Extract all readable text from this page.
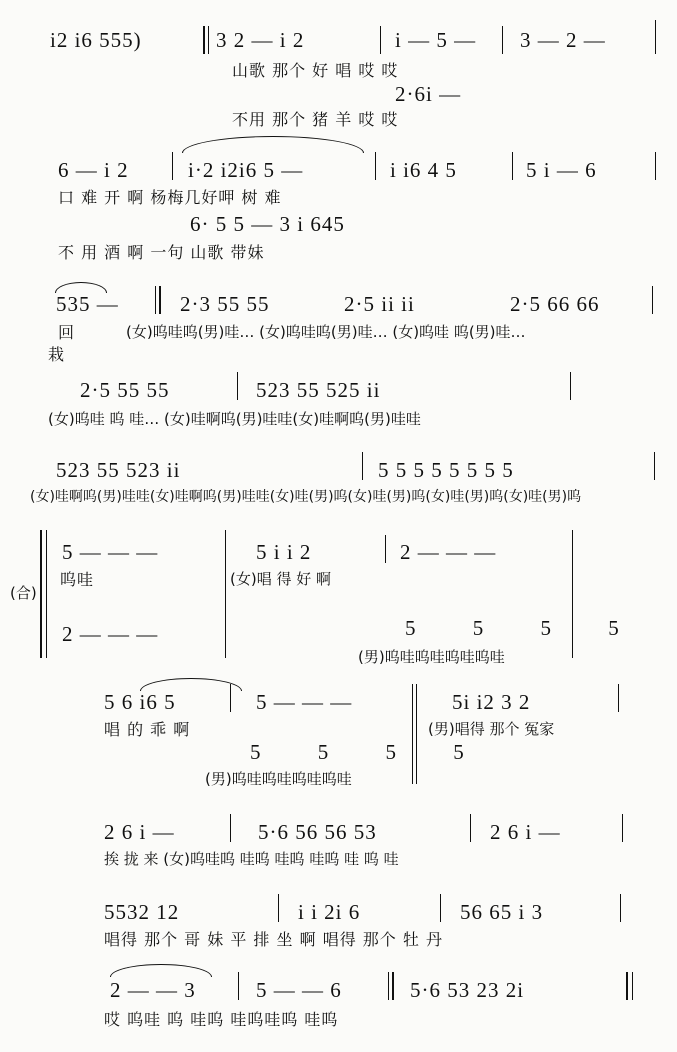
i2 i6 555)	3 2 — i 2	i — 5 — 3 — 2 —
山歌 那个 好 唱 哎 哎
2·6i —
不用 那个 猪 羊 哎 哎
6 — i 2	i·2 i2i6 5 —	i i6 4 5	5 i — 6
口 难 开 啊 杨梅几好呷 树 难
6· 5 5 — 3 i 645
不 用 酒 啊 一句 山歌 带妹
535 —	2·3 55 55	2·5 ii ii	2·5 66 66
回	(女)呜哇呜(男)哇… (女)呜哇呜(男)哇… (女)呜哇 呜(男)哇…
栽
2·5 55 55	523 55 525 ii
(女)呜哇 呜 哇… (女)哇啊呜(男)哇哇(女)哇啊呜(男)哇哇
523 55 523 ii	5 5 5 5 5 5 5 5
(女)哇啊呜(男)哇哇(女)哇啊呜(男)哇哇(女)哇(男)呜(女)哇(男)呜(女)哇(男)呜(女)哇(男)呜
(合)
5 — — —
2 — — —
5 i i 2	2 — — —
5 5 5 5
呜哇	(女)唱 得 好 啊
(男)呜哇呜哇呜哇呜哇
5 6 i6 5	5 — — —
5 5 5 5
5i i2 3 2
唱 的 乖 啊	(男)唱得 那个 冤家
(男)呜哇呜哇呜哇呜哇
2 6 i —	5·6 56 56 53	2 6 i —
挨 拢 来 (女)呜哇呜 哇呜 哇呜 哇呜 哇 呜 哇
5532 12	i i 2i 6	56 65 i 3
唱得 那个 哥 妹 平 排 坐 啊 唱得 那个 牡 丹
2 — — 3	5 — — 6	5·6 53 23 2i
哎 呜哇 呜 哇呜 哇呜哇呜 哇呜
